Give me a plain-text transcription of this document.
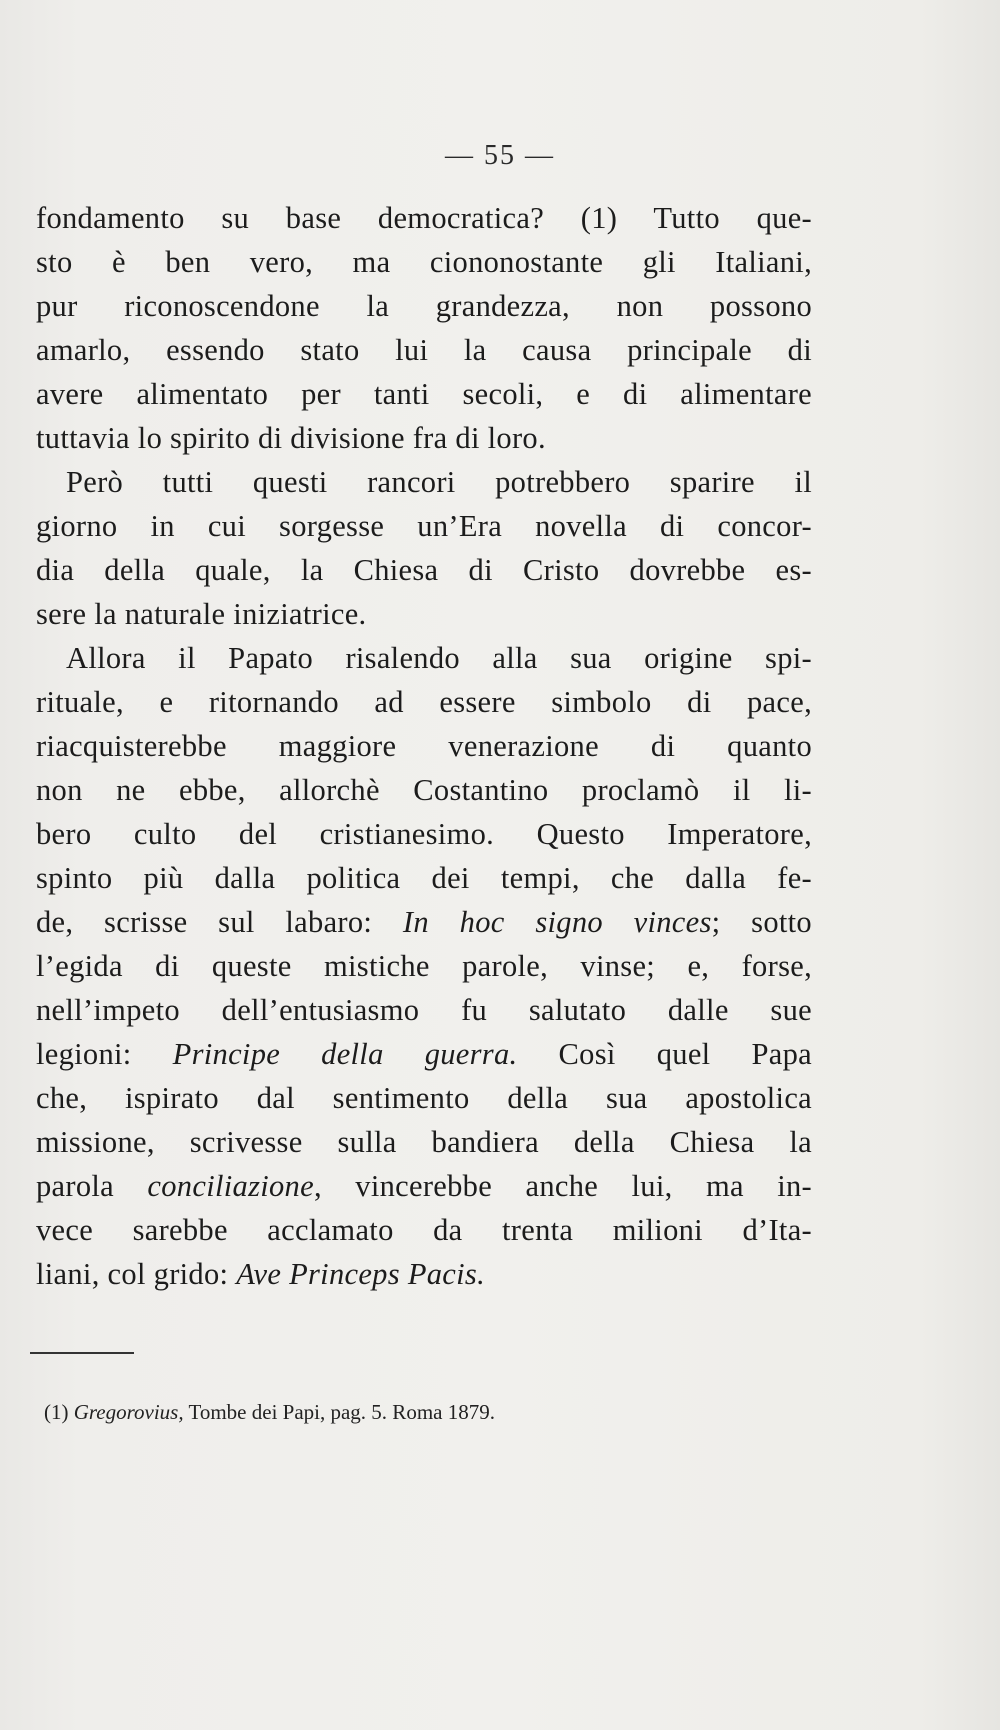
— 55 —
fondamento su base democratica? (1) Tutto que-
sto è ben vero, ma ciononostante gli Italiani,
pur riconoscendone la grandezza, non possono
amarlo, essendo stato lui la causa principale di
avere alimentato per tanti secoli, e di alimentare
tuttavia lo spirito di divisione fra di loro.
Però tutti questi rancori potrebbero sparire il
giorno in cui sorgesse un’Era novella di concor-
dia della quale, la Chiesa di Cristo dovrebbe es-
sere la naturale iniziatrice.
Allora il Papato risalendo alla sua origine spi-
rituale, e ritornando ad essere simbolo di pace,
riacquisterebbe maggiore venerazione di quanto
non ne ebbe, allorchè Costantino proclamò il li-
bero culto del cristianesimo. Questo Imperatore,
spinto più dalla politica dei tempi, che dalla fe-
de, scrisse sul labaro: In hoc signo vinces; sotto
l’egida di queste mistiche parole, vinse; e, forse,
nell’impeto dell’entusiasmo fu salutato dalle sue
legioni: Principe della guerra. Così quel Papa
che, ispirato dal sentimento della sua apostolica
missione, scrivesse sulla bandiera della Chiesa la
parola conciliazione, vincerebbe anche lui, ma in-
vece sarebbe acclamato da trenta milioni d’Ita-
liani, col grido: Ave Princeps Pacis.
(1) Gregorovius, Tombe dei Papi, pag. 5. Roma 1879.
